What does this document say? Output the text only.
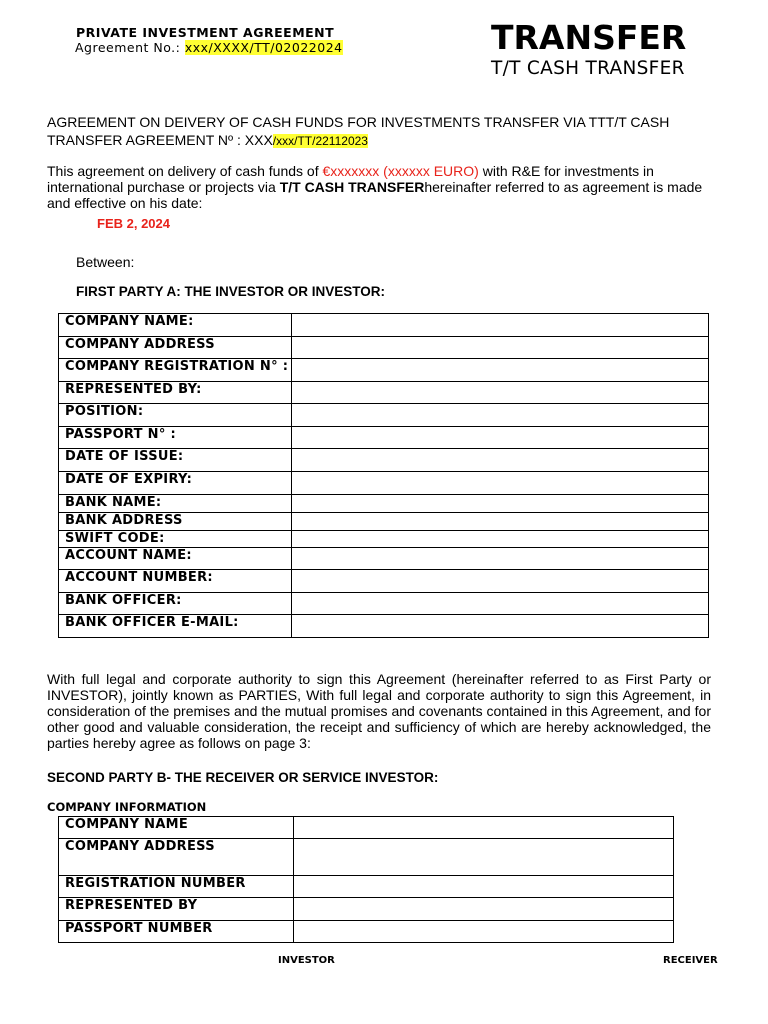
PRIVATE INVESTMENT AGREEMENT
Agreement No.: xxx/XXXX/TT/02022024	TRANSFER
T/T CASH TRANSFER
AGREEMENT ON DEIVERY OF CASH FUNDS FOR INVESTMENTS TRANSFER VIA TTT/T CASH
TRANSFER AGREEMENT Nº : XXX/xxx/TT/22112023
This agreement on delivery of cash funds of €xxxxxxx (xxxxxx EURO) with R&E for investments in international purchase or projects via T/T CASH TRANSFERhereinafter referred to as agreement is made and effective on his date:
FEB 2, 2024
Between:
FIRST PARTY A: THE INVESTOR OR INVESTOR:
COMPANY NAME:	
COMPANY ADDRESS	
COMPANY REGISTRATION N° :	
REPRESENTED BY:	
POSITION:	
PASSPORT N° :	
DATE OF ISSUE:	
DATE OF EXPIRY:	
BANK NAME:	
BANK ADDRESS	
SWIFT CODE:	
ACCOUNT NAME:	
ACCOUNT NUMBER:	
BANK OFFICER:	
BANK OFFICER E-MAIL:	
With full legal and corporate authority to sign this Agreement (hereinafter referred to as First Party or INVESTOR), jointly known as PARTIES, With full legal and corporate authority to sign this Agreement, in consideration of the premises and the mutual promises and covenants contained in this Agreement, and for other good and valuable consideration, the receipt and sufficiency of which are hereby acknowledged, the parties hereby agree as follows on page 3:
SECOND PARTY B- THE RECEIVER OR SERVICE INVESTOR:
COMPANY INFORMATION
COMPANY NAME	
COMPANY ADDRESS	
REGISTRATION NUMBER	
REPRESENTED BY	
PASSPORT NUMBER	
INVESTOR	RECEIVER
